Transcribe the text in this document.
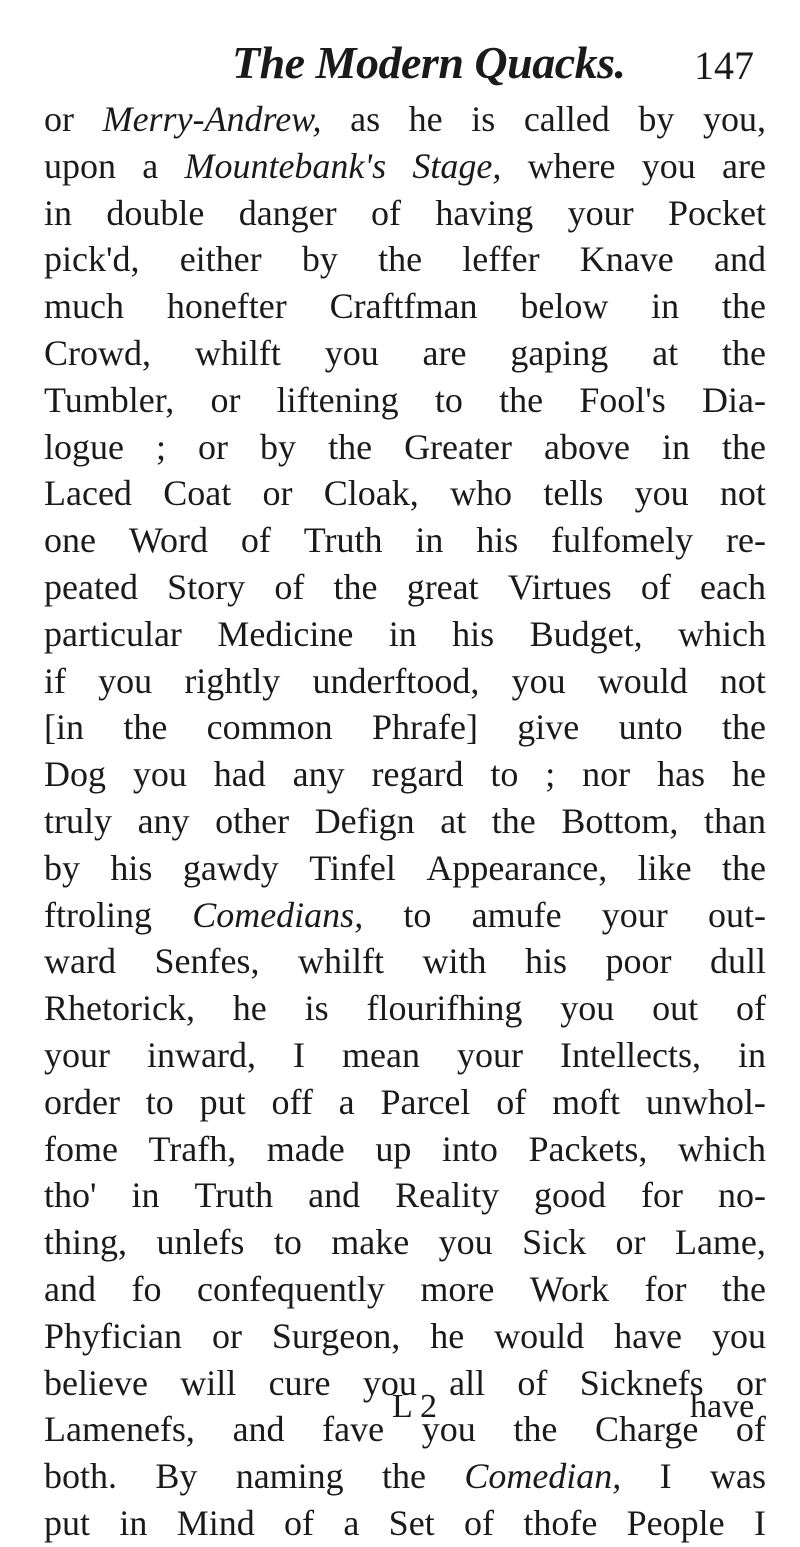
The Modern Quacks. 147
or Merry-Andrew, as he is called by you,
upon a Mountebank's Stage, where you are
in double danger of having your Pocket
pick'd, either by the leffer Knave and
much honefter Craftfman below in the
Crowd, whilft you are gaping at the
Tumbler, or liftening to the Fool's Dia-
logue ; or by the Greater above in the
Laced Coat or Cloak, who tells you not
one Word of Truth in his fulfomely re-
peated Story of the great Virtues of each
particular Medicine in his Budget, which
if you rightly underftood, you would not
[in the common Phrafe] give unto the
Dog you had any regard to ; nor has he
truly any other Defign at the Bottom, than
by his gawdy Tinfel Appearance, like the
ftroling Comedians, to amufe your out-
ward Senfes, whilft with his poor dull
Rhetorick, he is flourifhing you out of
your inward, I mean your Intellects, in
order to put off a Parcel of moft unwhol-
fome Trafh, made up into Packets, which
tho' in Truth and Reality good for no-
thing, unlefs to make you Sick or Lame,
and fo confequently more Work for the
Phyfician or Surgeon, he would have you
believe will cure you all of Sicknefs or
Lamenefs, and fave you the Charge of
both. By naming the Comedian, I was
put in Mind of a Set of thofe People I
L 2	have
